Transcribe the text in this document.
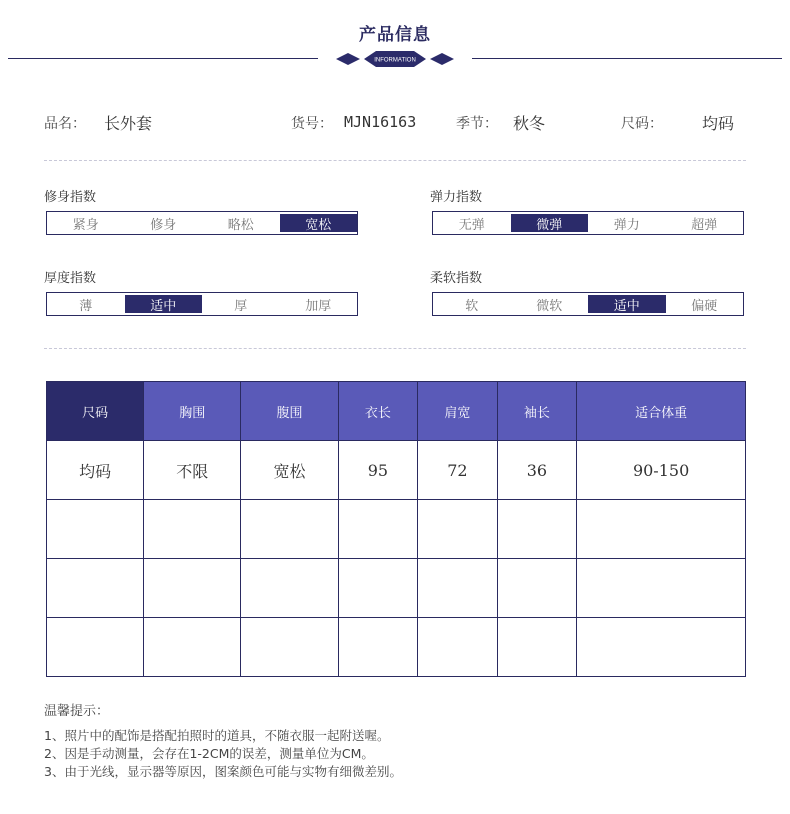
产品信息
INFORMATION
品名： 长外套	货号： MJN16163	季节： 秋冬	尺码： 均码
修身指数
紧身	修身	略松	宽松
弹力指数
无弹	微弹	弹力	超弹
厚度指数
薄	适中	厚	加厚
柔软指数
软	微软	适中	偏硬
尺码	胸围	腹围	衣长	肩宽	袖长	适合体重
均码	不限	宽松	95	72	36	90-150

温馨提示：
1、照片中的配饰是搭配拍照时的道具，不随衣服一起附送喔。
2、因是手动测量，会存在1-2CM的误差，测量单位为CM。
3、由于光线，显示器等原因，图案颜色可能与实物有细微差别。
